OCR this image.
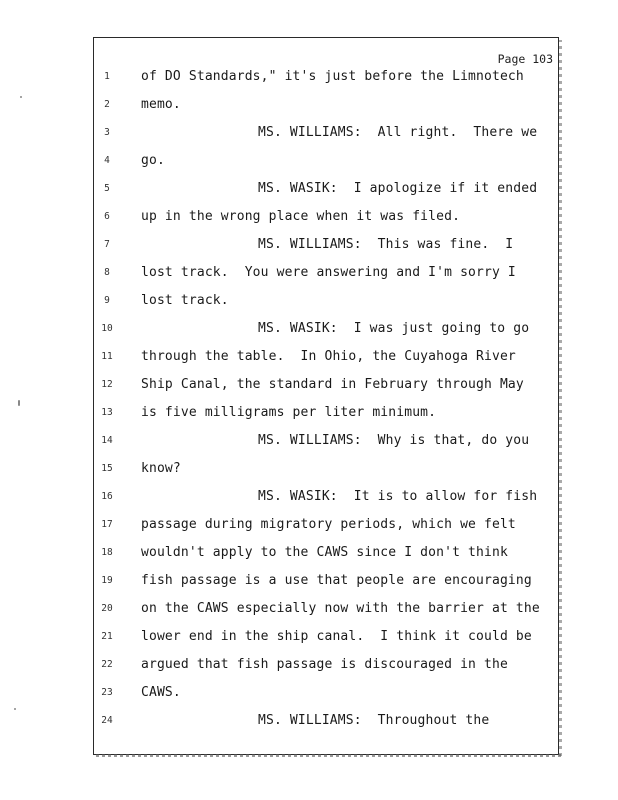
Page 103
1	of DO Standards," it's just before the Limnotech
2	memo.
3	MS. WILLIAMS:  All right.  There we
4	go.
5	MS. WASIK:  I apologize if it ended
6	up in the wrong place when it was filed.
7	MS. WILLIAMS:  This was fine.  I
8	lost track.  You were answering and I'm sorry I
9	lost track.
10	MS. WASIK:  I was just going to go
11	through the table.  In Ohio, the Cuyahoga River
12	Ship Canal, the standard in February through May
13	is five milligrams per liter minimum.
14	MS. WILLIAMS:  Why is that, do you
15	know?
16	MS. WASIK:  It is to allow for fish
17	passage during migratory periods, which we felt
18	wouldn't apply to the CAWS since I don't think
19	fish passage is a use that people are encouraging
20	on the CAWS especially now with the barrier at the
21	lower end in the ship canal.  I think it could be
22	argued that fish passage is discouraged in the
23	CAWS.
24	MS. WILLIAMS:  Throughout the
